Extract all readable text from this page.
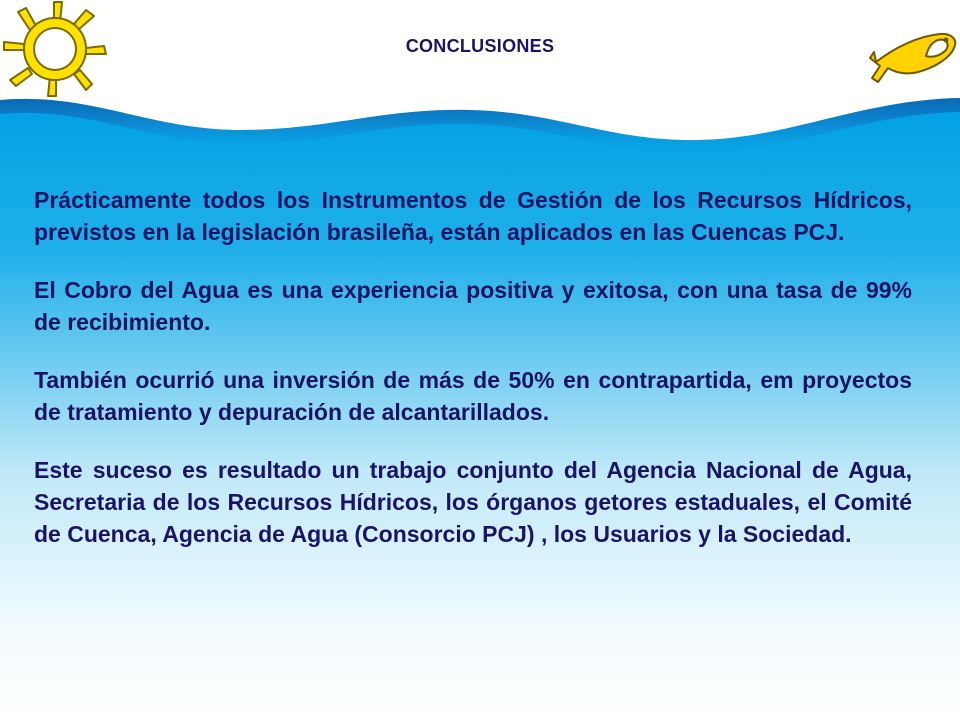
CONCLUSIONES

Prácticamente todos los Instrumentos de Gestión de los Recursos Hídricos, previstos en la legislación brasileña, están aplicados en las Cuencas PCJ.

El Cobro del Agua es una experiencia positiva y exitosa, con una tasa de 99% de recibimiento.

También ocurrió una inversión de más de 50% en contrapartida, em proyectos de tratamiento y depuración de alcantarillados.

Este suceso es resultado un trabajo conjunto del Agencia Nacional de Agua, Secretaria de los Recursos Hídricos, los órganos getores estaduales, el Comité de Cuenca, Agencia de Agua (Consorcio PCJ) , los Usuarios y la Sociedad.
